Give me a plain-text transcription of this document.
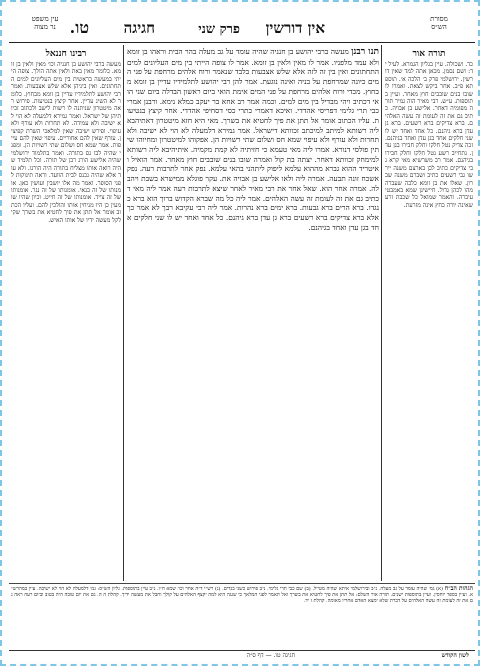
מסורת
הש״ס
אין דורשין
פרק שני
חגיגה
טו.
עין משפט
נר מצוה
תורה אור
כד. ושכולה. עיין בגליון הגמרא. לעיל יד: ושם נסמן. מכאן אתה למד שאין דורשין. ירושלמי פרק ב׳ הלכה א׳. תוספתא פ״ב. אחר ביקש לצאת. ואמרו לו שובו בנים שובבים חוץ מאחר. ועיין בתוספות. ע״ש. רבי מאיר הוה גמיר תורה מפומיה דאחר. אלישע בן אבויה. כתיב גם את זה לעומת זה עשה האלהים. ברא צדיקים ברא רשעים. ברא גן עדן ברא גיהנם. כל אחד ואחד יש לו שני חלקים אחד בגן עדן ואחד בגיהנם. זכה צדיק נטל חלקו וחלק חבירו בגן עדן. נתחייב רשע נטל חלקו וחלק חבירו בגיהנם. אמר רב משרשיא מאי קרא גבי צדיקים כתיב לכן בארצם משנה יירשו גבי רשעים כתיב ושברם משנה שברון. שאלו את בן זומא כלבה שעברה מהו לכהן גדול. חיישינן שמא באמבטי עיברה. והאמר שמואל כל שכבת זרע שאינה יורה כחץ אינה מזרעת.
תנו רבנן מעשה ברבי יהושע בן חנניה שהיה עומד על גב מעלה בהר הבית וראהו בן זומא ולא עמד מלפניו. אמר לו מאין ולאין בן זומא. אמר לו צופה הייתי בין מים העליונים למים התחתונים ואין בין זה לזה אלא שלש אצבעות בלבד שנאמר ורוח אלהים מרחפת על פני המים כיונה שמרחפת על בניה ואינה נוגעת. אמר להן רבי יהושע לתלמידיו עדיין בן זומא מבחוץ. מכדי ורוח אלהים מרחפת על פני המים אימת הואי ביום ראשון הבדלה ביום שני הואי דכתיב ויהי מבדיל בין מים למים. וכמה אמר רב אחא בר יעקב כמלא נימא. ורבנן אמרי כבי תרי גלימי דפריסי אהדדי. ואיכא דאמרי כתרי כסי דסחיפי אהדדי. אחר קיצץ בנטיעות. עליו הכתוב אומר אל תתן את פיך לחטיא את בשרך. מאי היא חזא מיטטרון דאתיהבא ליה רשותא למיתב למיכתב זכוותא דישראל. אמר גמירא דלמעלה לא הוי לא ישיבה ולא תחרות ולא עורף ולא עיפוי שמא חס ושלום שתי רשויות הן. אפקוהו למיטטרון ומחיוהו שיתין פולסי דנורא. אמרו ליה מאי טעמא כי חזיתיה לא קמת מקמיה. איתיהיבא ליה רשותא למימחק זכוותא דאחר. יצתה בת קול ואמרה שובו בנים שובבים חוץ מאחר. אמר הואיל ואיטריד ההוא גברא מההוא עלמא ליפוק ליתהני בהאי עלמא. נפק אחר לתרבות רעה. נפק אשכח זונה תבעה. אמרה ליה ולאו אלישע בן אבויה את. עקר פוגלא ממישרא בשבת ויהב לה. אמרה אחר הוא. שאל אחר את רבי מאיר לאחר שיצא לתרבות רעה אמר ליה מאי דכתיב גם את זה לעומת זה עשה האלהים. אמר ליה כל מה שברא הקדוש ברוך הוא ברא כנגדו. ברא הרים ברא גבעות. ברא ימים ברא נהרות. אמר ליה רבי עקיבא רבך לא אמר כך אלא ברא צדיקים ברא רשעים ברא גן עדן ברא גיהנם. כל אחד ואחד יש לו שני חלקים אחד בגן עדן ואחד בגיהנם.
רבינו חננאל
מעשה ברבי יהושע בן חנניה וכו׳ מאין ולאין בן זומא. כלומר מאין באת ולאין אתה הולך. צופה הייתי במעשה בראשית בין מים העליונים למים התחתונים. ואין ביניהן אלא שלש אצבעות. ואמר רבי יהושע לתלמידיו עדיין בן זומא מבחוץ. כלומר לא השיג עדיין. אחר קיצץ בנטיעות. פירוש ראה מיטטרון שניתנה לו רשות לישב ולכתוב זכיותיהן של ישראל. ואמר גמירא דלמעלה לא הוי לא ישיבה ולא עמידה. לא תחרות ולא עורף ולא עיפוי. ופירש ישיבה שאין למלאכי השרת קפיצין. עורף שאין להם אחוריים. עיפוי שאין להם עייפות. אמר שמא חס ושלום שתי רשויות הן. ומפני שהיה לבו גס בתורה. ואמר בתלמוד ירושלמי שהיה אלישע הורג רבן של תורה. וכל תלמיד שהיה רואה אותו מצליח בתורה היה הורגו. ולא עוד אלא שהיה נכנס לבית הוועד. וראה תינוקות לפני הסופר. ואמר מה אלו יושבין ועושין כאן. אומנותו של זה בנאי. אומנותו של זה נגר. אומנותו של זה צייד. אומנותו של זה חייט. וכיון שהיו שומעין כן היו מניחין אותו והולכין להם. ועליו הכתוב אומר אל תתן את פיך לחטיא את בשרך שקילקל מעשה ידיו של אותו האיש.
הגהות הב״ח (א) גמ׳ שהיה עומד על גב מעלה. נ״ב ובירושלמי איתא שהיה מטייל. (ב) שם כבי תרי גלימי. נ״ב פירוש כשני בגדים. (ג) רש״י ד״ה אחר וכו׳ שמא ח״ו. נ״ב עיין בתוספות. גליון הש״ס: גמ׳ דלמעלה לא הוי לא ישיבה. עיין במהרש״א. ועיין בספר יוחסין. ועיין בתוספות ישנים. תורה אור השלם: אל תתן את פיך לחטיא את בשרך ואל תאמר לפני המלאך כי שגגה היא למה יקצף האלהים על קולך וחבל את מעשה ידיך. קהלת ה ה. גם את יום טובה היה בטוב וביום רעה ראה גם את זה לעומת זה עשה האלהים על דברת שלא ימצא האדם אחריו מאומה. קהלת ז יד.
לשון הקודש
חגיגה טו. — דף ס״ה
